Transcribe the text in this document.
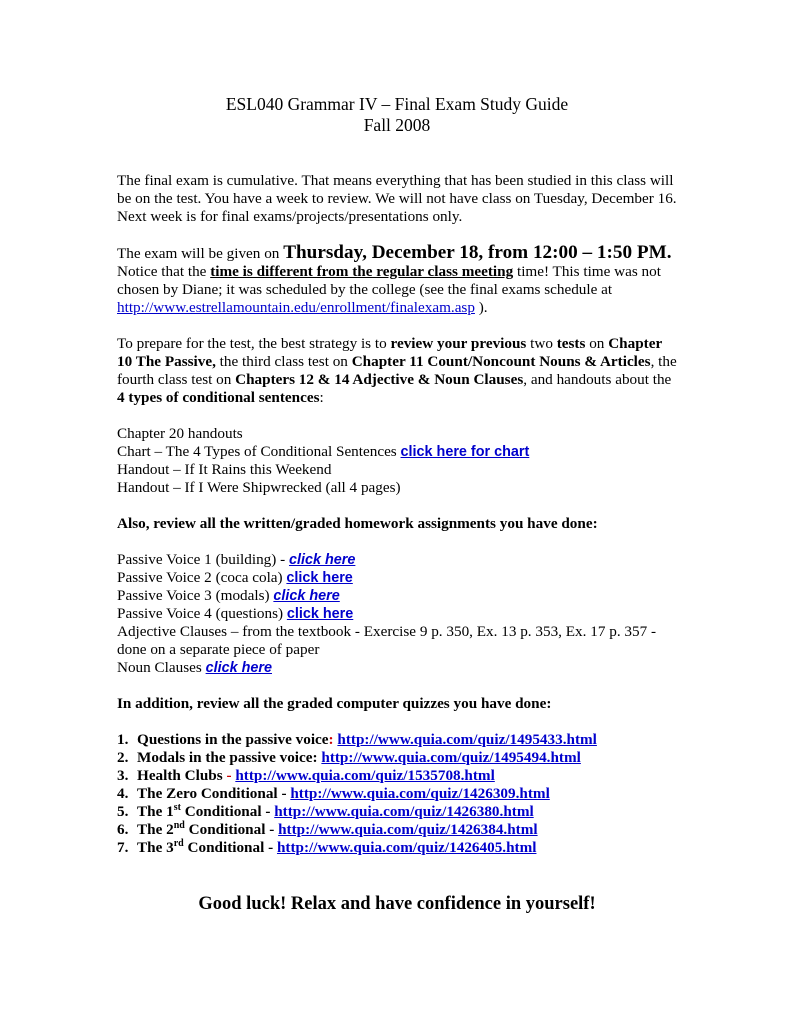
ESL040 Grammar IV – Final Exam Study Guide
Fall 2008

The final exam is cumulative. That means everything that has been studied in this class will be on the test. You have a week to review. We will not have class on Tuesday, December 16. Next week is for final exams/projects/presentations only.

The exam will be given on Thursday, December 18, from 12:00 – 1:50 PM.
Notice that the time is different from the regular class meeting time! This time was not chosen by Diane; it was scheduled by the college (see the final exams schedule at http://www.estrellamountain.edu/enrollment/finalexam.asp ).

To prepare for the test, the best strategy is to review your previous two tests on Chapter 10 The Passive, the third class test on Chapter 11 Count/Noncount Nouns & Articles, the fourth class test on Chapters 12 & 14 Adjective & Noun Clauses, and handouts about the 4 types of conditional sentences:

Chapter 20 handouts

Chart – The 4 Types of Conditional Sentences click here for chart

Handout – If It Rains this Weekend

Handout – If I Were Shipwrecked (all 4 pages)

Also, review all the written/graded homework assignments you have done:

Passive Voice 1 (building) - click here

Passive Voice 2 (coca cola) click here

Passive Voice 3 (modals) click here

Passive Voice 4 (questions) click here

Adjective Clauses – from the textbook - Exercise 9 p. 350, Ex. 13 p. 353, Ex. 17 p. 357 - done on a separate piece of paper

Noun Clauses click here

In addition, review all the graded computer quizzes you have done:

1. Questions in the passive voice: http://www.quia.com/quiz/1495433.html
2. Modals in the passive voice: http://www.quia.com/quiz/1495494.html
3. Health Clubs - http://www.quia.com/quiz/1535708.html
4. The Zero Conditional - http://www.quia.com/quiz/1426309.html
5. The 1st Conditional - http://www.quia.com/quiz/1426380.html
6. The 2nd Conditional - http://www.quia.com/quiz/1426384.html
7. The 3rd Conditional - http://www.quia.com/quiz/1426405.html

Good luck! Relax and have confidence in yourself!
